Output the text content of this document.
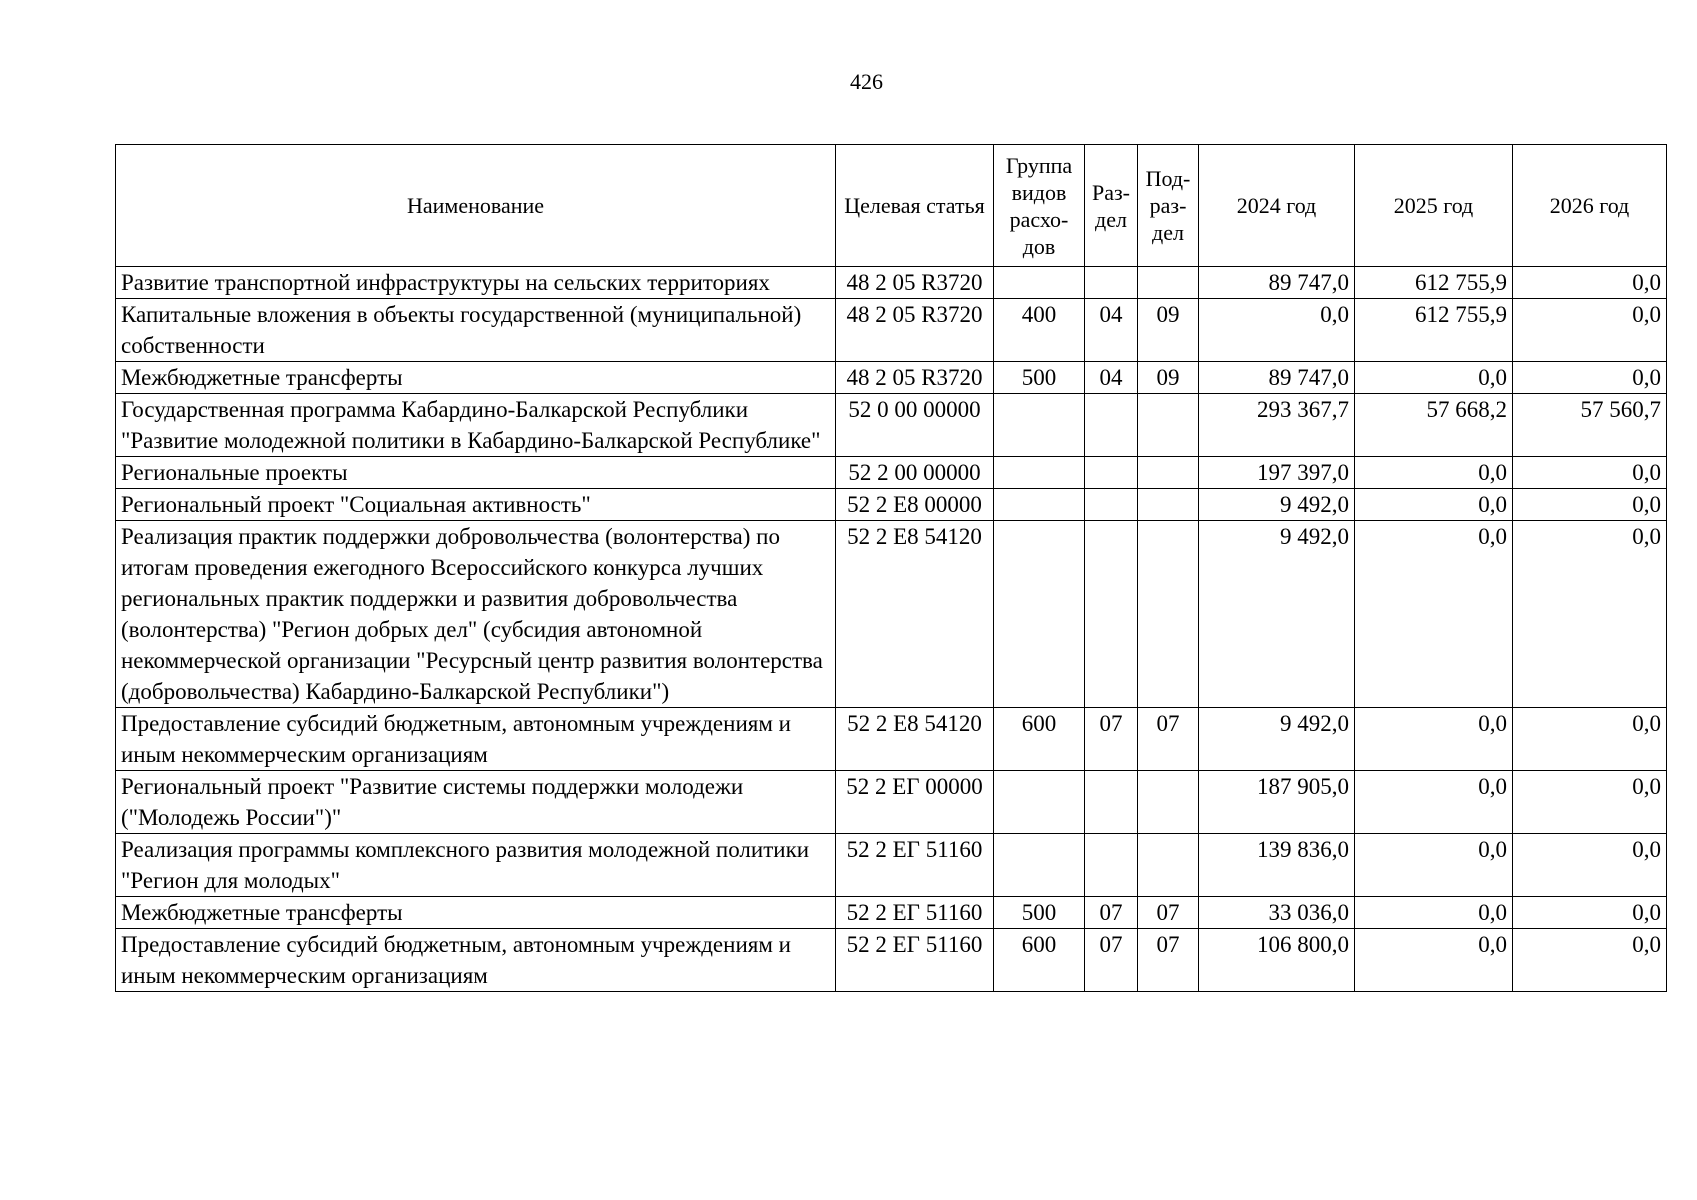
426
Наименование	Целевая статья	Группа видов расхо-дов	Раз-дел	Под-раз-дел	2024 год	2025 год	2026 год
Развитие транспортной инфраструктуры на сельских территориях	48 2 05 R3720				89 747,0	612 755,9	0,0
Капитальные вложения в объекты государственной (муниципальной) собственности	48 2 05 R3720	400	04	09	0,0	612 755,9	0,0
Межбюджетные трансферты	48 2 05 R3720	500	04	09	89 747,0	0,0	0,0
Государственная программа Кабардино-Балкарской Республики "Развитие молодежной политики в Кабардино-Балкарской Республике"	52 0 00 00000				293 367,7	57 668,2	57 560,7
Региональные проекты	52 2 00 00000				197 397,0	0,0	0,0
Региональный проект "Социальная активность"	52 2 E8 00000				9 492,0	0,0	0,0
Реализация практик поддержки добровольчества (волонтерства) по итогам проведения ежегодного Всероссийского конкурса лучших региональных практик поддержки и развития добровольчества (волонтерства) "Регион добрых дел" (субсидия автономной некоммерческой организации "Ресурсный центр развития волонтерства (добровольчества) Кабардино-Балкарской Республики")	52 2 E8 54120				9 492,0	0,0	0,0
Предоставление субсидий бюджетным, автономным учреждениям и иным некоммерческим организациям	52 2 E8 54120	600	07	07	9 492,0	0,0	0,0
Региональный проект "Развитие системы поддержки молодежи ("Молодежь России")"	52 2 ЕГ 00000				187 905,0	0,0	0,0
Реализация программы комплексного развития молодежной политики "Регион для молодых"	52 2 ЕГ 51160				139 836,0	0,0	0,0
Межбюджетные трансферты	52 2 ЕГ 51160	500	07	07	33 036,0	0,0	0,0
Предоставление субсидий бюджетным, автономным учреждениям и иным некоммерческим организациям	52 2 ЕГ 51160	600	07	07	106 800,0	0,0	0,0
